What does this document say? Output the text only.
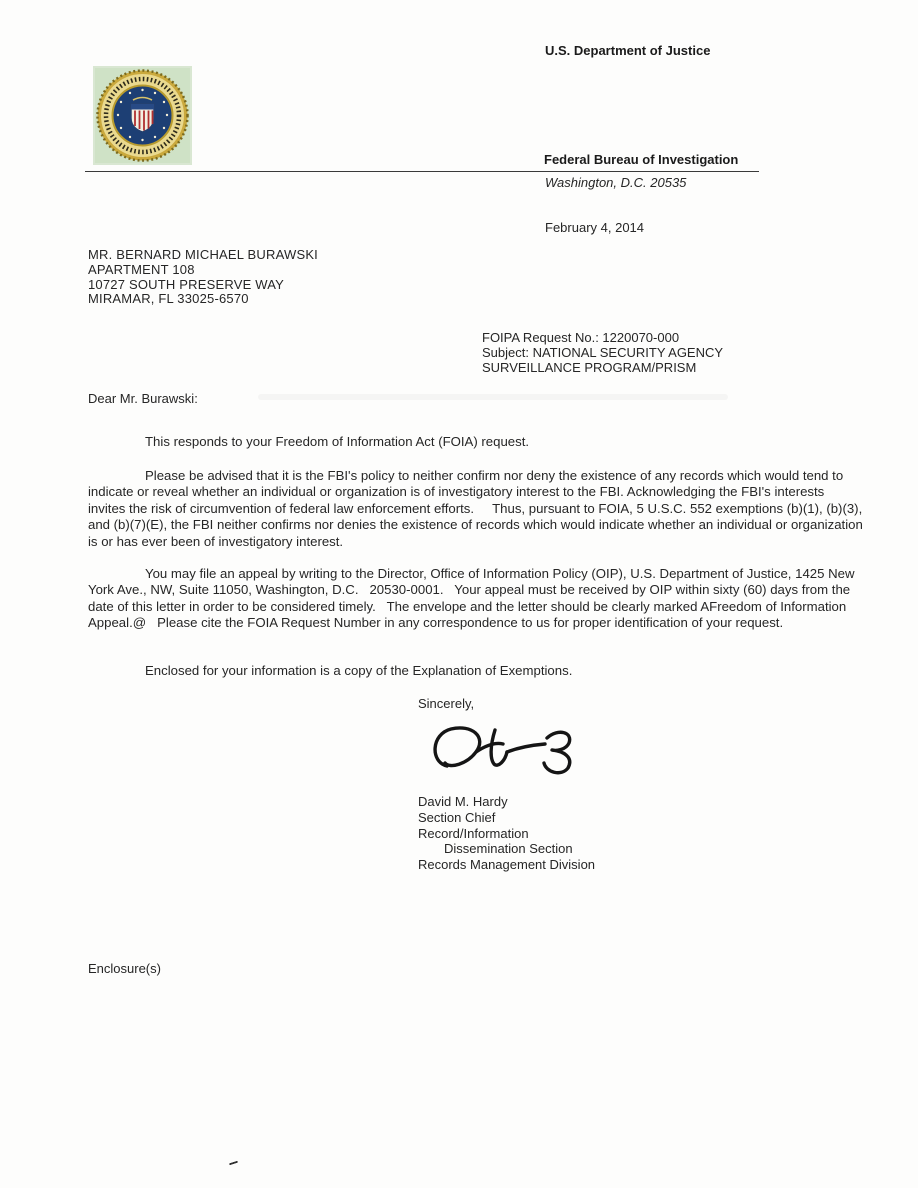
U.S. Department of Justice
Federal Bureau of Investigation
Washington, D.C. 20535
February 4, 2014
MR. BERNARD MICHAEL BURAWSKI
APARTMENT 108
10727 SOUTH PRESERVE WAY
MIRAMAR, FL 33025-6570
FOIPA Request No.: 1220070-000
Subject: NATIONAL SECURITY AGENCY
SURVEILLANCE PROGRAM/PRISM
Dear Mr. Burawski:
This responds to your Freedom of Information Act (FOIA) request.
Please be advised that it is the FBI's policy to neither confirm nor deny the existence of any records which would tend to indicate or reveal whether an individual or organization is of investigatory interest to the FBI. Acknowledging the FBI's interests invites the risk of circumvention of federal law enforcement efforts.     Thus, pursuant to FOIA, 5 U.S.C. 552 exemptions (b)(1), (b)(3), and (b)(7)(E), the FBI neither confirms nor denies the existence of records which would indicate whether an individual or organization is or has ever been of investigatory interest.
You may file an appeal by writing to the Director, Office of Information Policy (OIP), U.S. Department of Justice, 1425 New York Ave., NW, Suite 11050, Washington, D.C.   20530-0001.   Your appeal must be received by OIP within sixty (60) days from the date of this letter in order to be considered timely.   The envelope and the letter should be clearly marked AFreedom of Information Appeal.@   Please cite the FOIA Request Number in any correspondence to us for proper identification of your request.
Enclosed for your information is a copy of the Explanation of Exemptions.
Sincerely,
David M. Hardy
Section Chief
Record/Information
Dissemination Section
Records Management Division
Enclosure(s)
